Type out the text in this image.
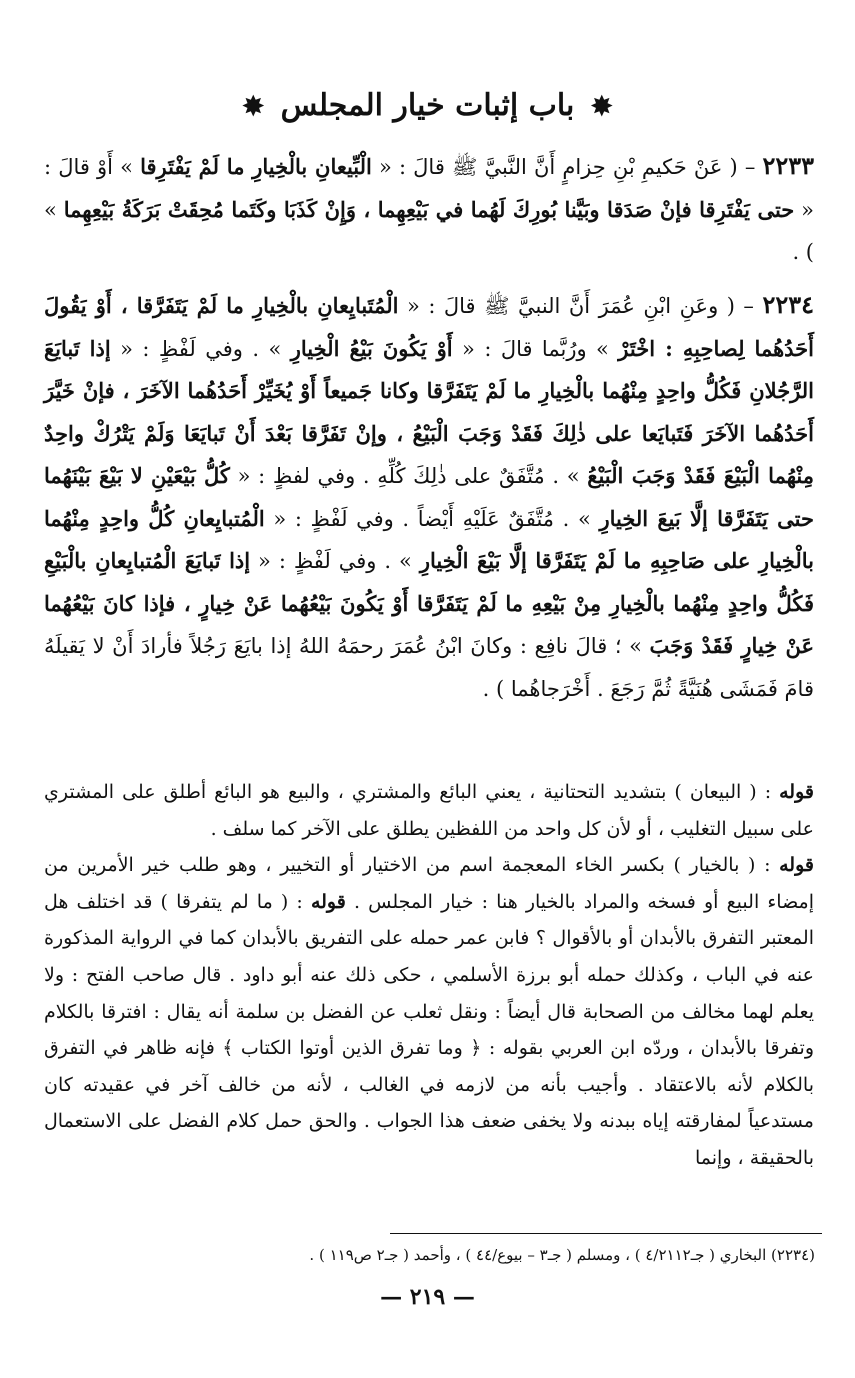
✸ باب إثبات خيار المجلس ✸

٢٢٣٣ – ( عَنْ حَكيمِ بْنِ حِزامٍ أَنَّ النَّبيَّ ﷺ قالَ : « الْبِّيعانِ بالْخِيارِ ما لَمْ يَفْتَرِقا » أَوْ قالَ : « حتى يَفْتَرِقا فإنْ صَدَقا وبَيَّنا بُورِكَ لَهُما في بَيْعِهِما ، وَإِنْ كَذَبَا وكَتَما مُحِقَتْ بَرَكَةُ بَيْعِهِما » ) .

٢٢٣٤ – ( وعَنِ ابْنِ عُمَرَ أَنَّ النبيَّ ﷺ قالَ : « الْمُتَبايِعانِ بالْخِيارِ ما لَمْ يَتَفَرَّقا ، أَوْ يَقُولَ أَحَدُهُما لِصاحِبِهِ : اخْتَرْ » ورُبَّما قالَ : « أَوْ يَكُونَ بَيْعُ الْخِيارِ » . وفي لَفْظٍ : « إذا تَبايَعَ الرَّجُلانِ فَكُلُّ واحِدٍ مِنْهُما بالْخِيارِ ما لَمْ يَتَفَرَّقا وكانا جَميعاً أَوْ يُخَيِّرْ أَحَدُهُما الآخَرَ ، فإنْ خَيَّرَ أَحَدُهُما الآخَرَ فَتَبايَعا على ذٰلِكَ فَقَدْ وَجَبَ الْبَيْعُ ، وإنْ تَفَرَّقا بَعْدَ أَنْ تَبايَعَا وَلَمْ يَتْرُكْ واحِدٌ مِنْهُما الْبَيْعَ فَقَدْ وَجَبَ الْبَيْعُ » . مُتَّفَقٌ على ذٰلِكَ كُلِّهِ . وفي لفظٍ : « كُلُّ بَيْعَيْنِ لا بَيْعَ بَيْنَهُما حتى يَتَفَرَّقا إلَّا بَيعَ الخِيارِ » . مُتَّفَقٌ عَلَيْهِ أَيْضاً . وفي لَفْظٍ : « الْمُتبايِعانِ كُلُّ واحِدٍ مِنْهُما بالْخِيارِ على صَاحِبِهِ ما لَمْ يَتَفَرَّقا إلَّا بَيْعَ الْخِيارِ » . وفي لَفْظٍ : « إذا تَبايَعَ الْمُتبايِعانِ بالْبَيْعِ فَكُلُّ واحِدٍ مِنْهُما بالْخِيارِ مِنْ بَيْعِهِ ما لَمْ يَتَفَرَّقا أَوْ يَكُونَ بَيْعُهُما عَنْ خِيارٍ ، فإذا كانَ بَيْعُهُما عَنْ خِيارٍ فَقَدْ وَجَبَ » ؛ قالَ نافِع : وكانَ ابْنُ عُمَرَ رحمَهُ اللهُ إذا بايَعَ رَجُلاً فأرادَ أَنْ لا يَقيلَهُ قامَ فَمَشَى هُنَيَّةً ثُمَّ رَجَعَ . أَخْرَجاهُما ) .

قوله : ( البيعان ) بتشديد التحتانية ، يعني البائع والمشتري ، والبيع هو البائع أطلق على المشتري على سبيل التغليب ، أو لأن كل واحد من اللفظين يطلق على الآخر كما سلف .

قوله : ( بالخيار ) بكسر الخاء المعجمة اسم من الاختيار أو التخيير ، وهو طلب خير الأمرين من إمضاء البيع أو فسخه والمراد بالخيار هنا : خيار المجلس . قوله : ( ما لم يتفرقا ) قد اختلف هل المعتبر التفرق بالأبدان أو بالأقوال ؟ فابن عمر حمله على التفريق بالأبدان كما في الرواية المذكورة عنه في الباب ، وكذلك حمله أبو برزة الأسلمي ، حكى ذلك عنه أبو داود . قال صاحب الفتح : ولا يعلم لهما مخالف من الصحابة قال أيضاً : ونقل ثعلب عن الفضل بن سلمة أنه يقال : افترقا بالكلام وتفرقا بالأبدان ، وردّه ابن العربي بقوله : ﴿ وما تفرق الذين أوتوا الكتاب ﴾ فإنه ظاهر في التفرق بالكلام لأنه بالاعتقاد . وأجيب بأنه من لازمه في الغالب ، لأنه من خالف آخر في عقيدته كان مستدعياً لمفارقته إياه ببدنه ولا يخفى ضعف هذا الجواب . والحق حمل كلام الفضل على الاستعمال بالحقيقة ، وإنما

(٢٢٣٤) البخاري ( جـ٤/٢١١٢ ) ، ومسلم ( جـ٣ – بيوع/٤٤ ) ، وأحمد ( جـ٢ ص١١٩ ) .

— ٢١٩ —
